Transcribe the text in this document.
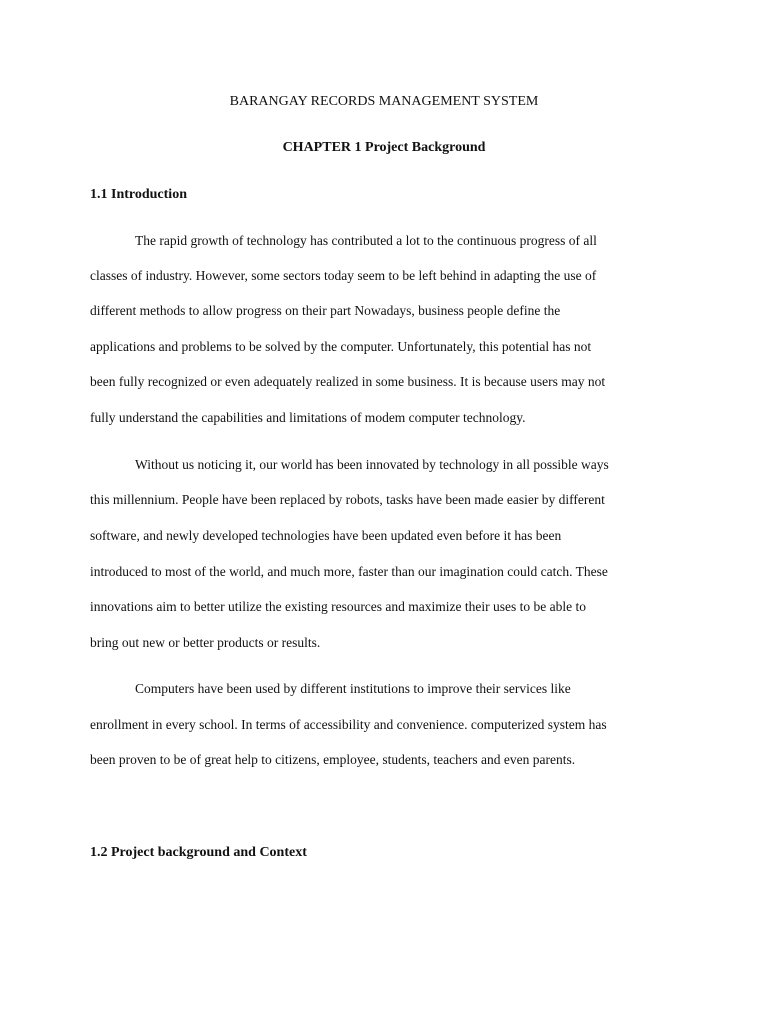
BARANGAY RECORDS MANAGEMENT SYSTEM
CHAPTER 1 Project Background
1.1 Introduction
The rapid growth of technology has contributed a lot to the continuous progress of all
classes of industry. However, some sectors today seem to be left behind in adapting the use of
different methods to allow progress on their part Nowadays, business people define the
applications and problems to be solved by the computer. Unfortunately, this potential has not
been fully recognized or even adequately realized in some business. It is because users may not
fully understand the capabilities and limitations of modem computer technology.
Without us noticing it, our world has been innovated by technology in all possible ways
this millennium. People have been replaced by robots, tasks have been made easier by different
software, and newly developed technologies have been updated even before it has been
introduced to most of the world, and much more, faster than our imagination could catch. These
innovations aim to better utilize the existing resources and maximize their uses to be able to
bring out new or better products or results.
Computers have been used by different institutions to improve their services like
enrollment in every school. In terms of accessibility and convenience. computerized system has
been proven to be of great help to citizens, employee, students, teachers and even parents.
1.2 Project background and Context
